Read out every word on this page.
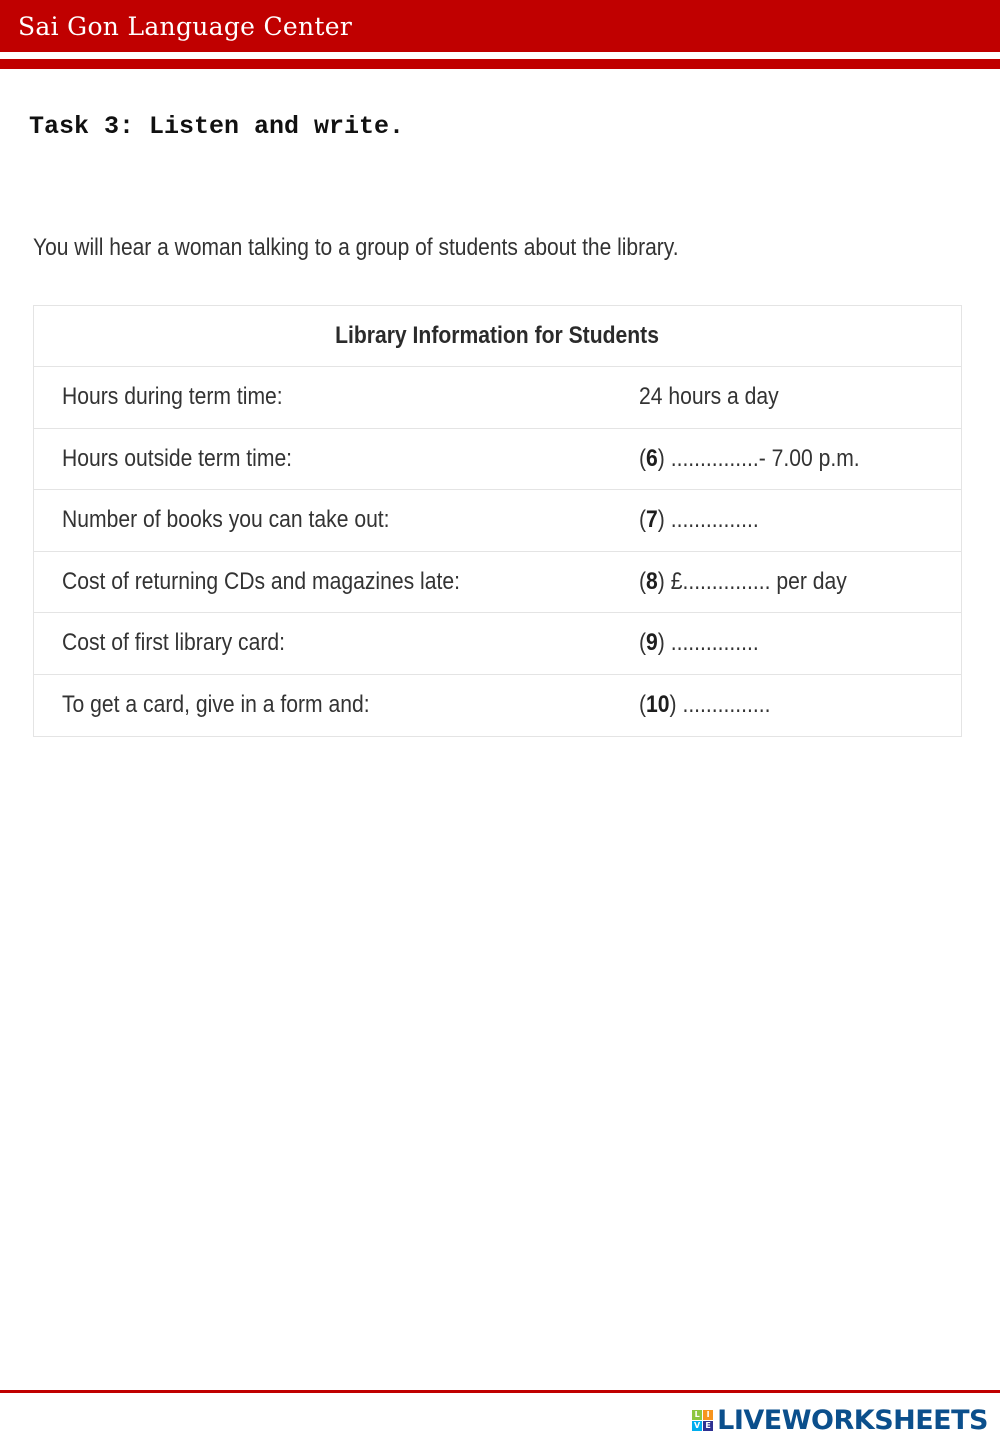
Sai Gon Language Center
Task 3: Listen and write.
You will hear a woman talking to a group of students about the library.
Library Information for Students
Hours during term time:	24 hours a day
Hours outside term time:	( 6 ) ...............- 7.00 p.m.
Number of books you can take out:	( 7 ) ...............
Cost of returning CDs and magazines late:	( 8 ) £............... per day
Cost of first library card:	( 9 ) ...............
To get a card, give in a form and:	( 10 ) ...............
L I
V E LIVEWORKSHEETS
